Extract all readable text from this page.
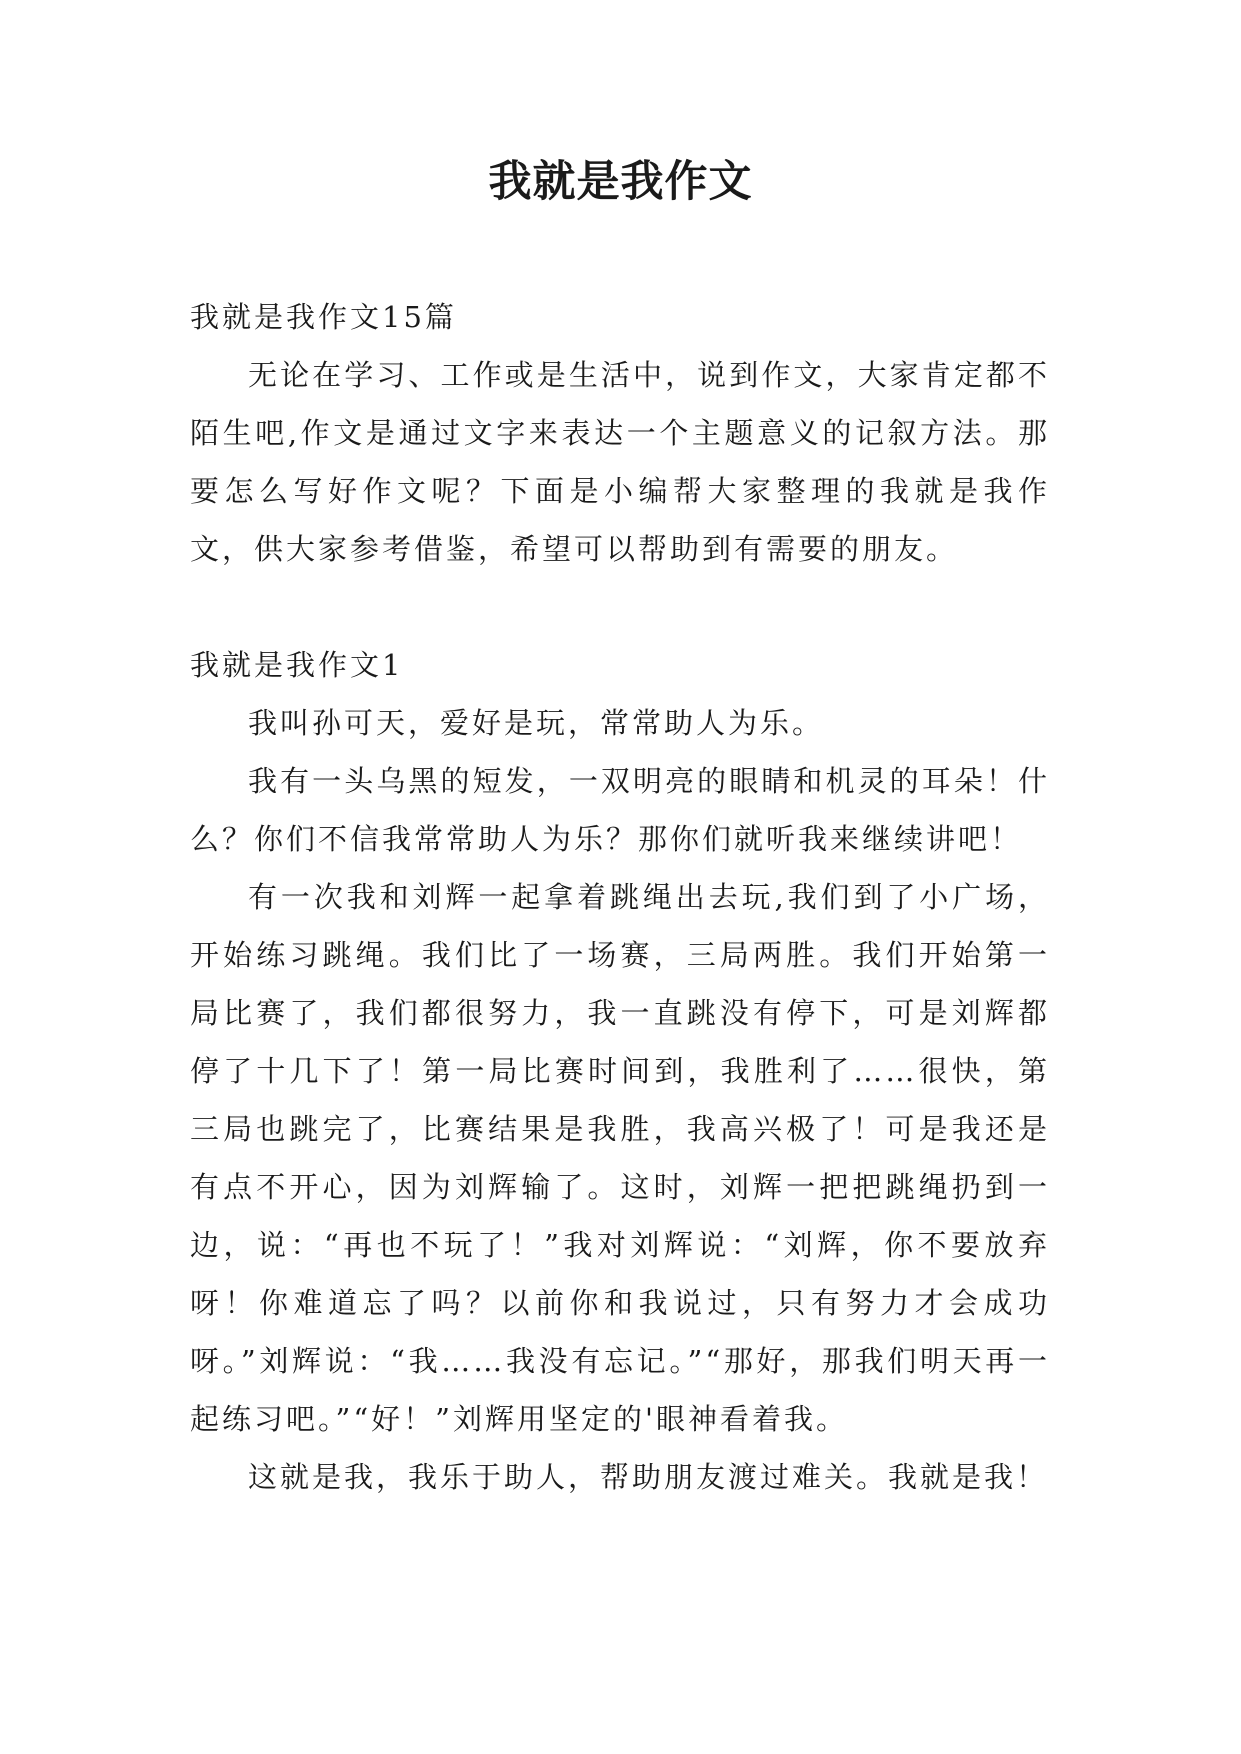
我就是我作文
我就是我作文15篇

无论在学习、工作或是生活中，说到作文，大家肯定都不陌生吧,作文是通过文字来表达一个主题意义的记叙方法。那要怎么写好作文呢？下面是小编帮大家整理的我就是我作文，供大家参考借鉴，希望可以帮助到有需要的朋友。

我就是我作文1

我叫孙可天，爱好是玩，常常助人为乐。

我有一头乌黑的短发，一双明亮的眼睛和机灵的耳朵！什么？你们不信我常常助人为乐？那你们就听我来继续讲吧！

有一次我和刘辉一起拿着跳绳出去玩,我们到了小广场，开始练习跳绳。我们比了一场赛，三局两胜。我们开始第一局比赛了，我们都很努力，我一直跳没有停下，可是刘辉都停了十几下了！第一局比赛时间到，我胜利了……很快，第三局也跳完了，比赛结果是我胜，我高兴极了！可是我还是有点不开心，因为刘辉输了。这时，刘辉一把把跳绳扔到一边，说：“再也不玩了！”我对刘辉说：“刘辉，你不要放弃呀！你难道忘了吗？以前你和我说过，只有努力才会成功呀。”刘辉说：“我……我没有忘记。”“那好，那我们明天再一起练习吧。”“好！”刘辉用坚定的'眼神看着我。

这就是我，我乐于助人，帮助朋友渡过难关。我就是我！
